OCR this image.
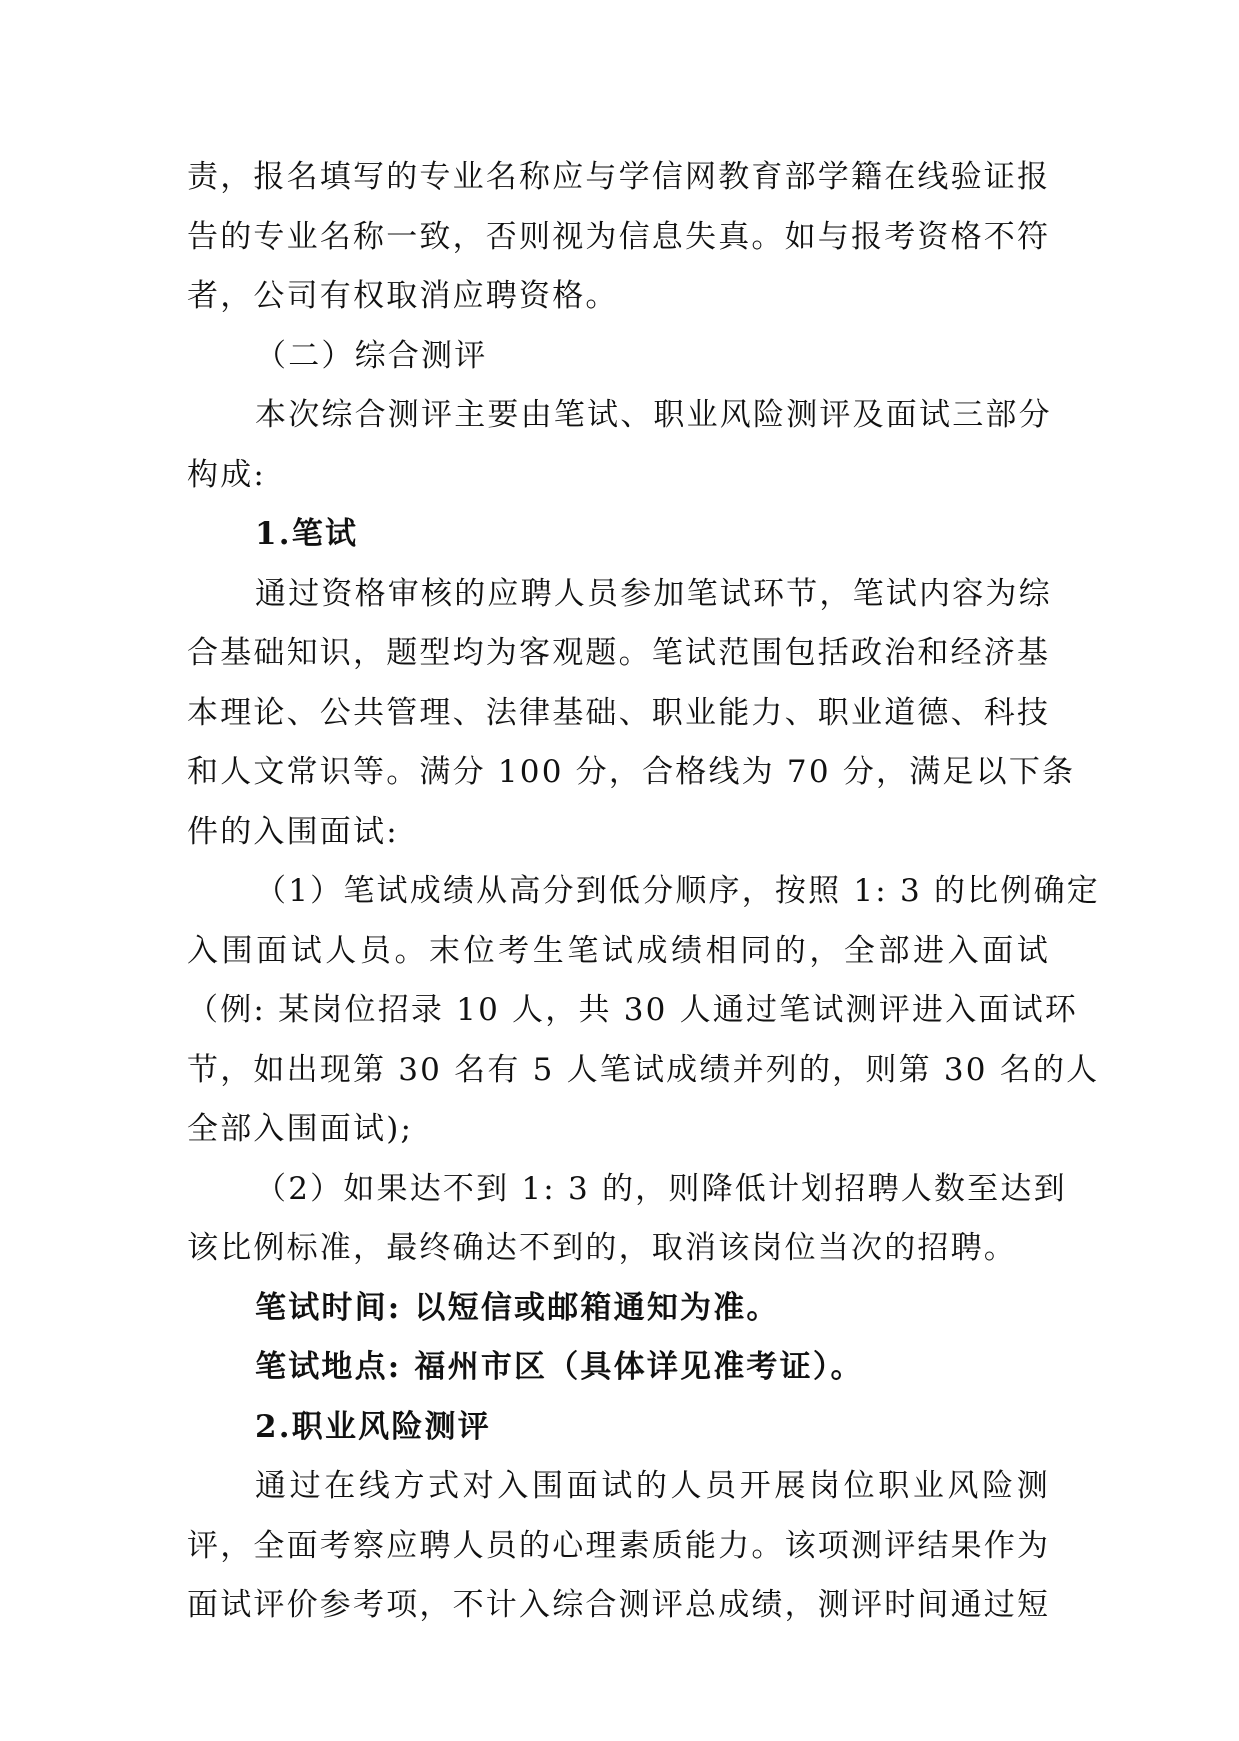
责，报名填写的专业名称应与学信网教育部学籍在线验证报
告的专业名称一致，否则视为信息失真。如与报考资格不符
者，公司有权取消应聘资格。
（二）综合测评
本次综合测评主要由笔试、职业风险测评及面试三部分
构成:
1.笔试
通过资格审核的应聘人员参加笔试环节，笔试内容为综
合基础知识，题型均为客观题。笔试范围包括政治和经济基
本理论、公共管理、法律基础、职业能力、职业道德、科技
和人文常识等。满分 100 分，合格线为 70 分，满足以下条
件的入围面试:
（1）笔试成绩从高分到低分顺序，按照 1: 3 的比例确定
入围面试人员。末位考生笔试成绩相同的，全部进入面试
（例: 某岗位招录 10 人，共 30 人通过笔试测评进入面试环
节，如出现第 30 名有 5 人笔试成绩并列的，则第 30 名的人
全部入围面试);
（2）如果达不到 1: 3 的，则降低计划招聘人数至达到
该比例标准，最终确达不到的，取消该岗位当次的招聘。
笔试时间: 以短信或邮箱通知为准。
笔试地点: 福州市区（具体详见准考证）。
2.职业风险测评
通过在线方式对入围面试的人员开展岗位职业风险测
评，全面考察应聘人员的心理素质能力。该项测评结果作为
面试评价参考项，不计入综合测评总成绩，测评时间通过短
